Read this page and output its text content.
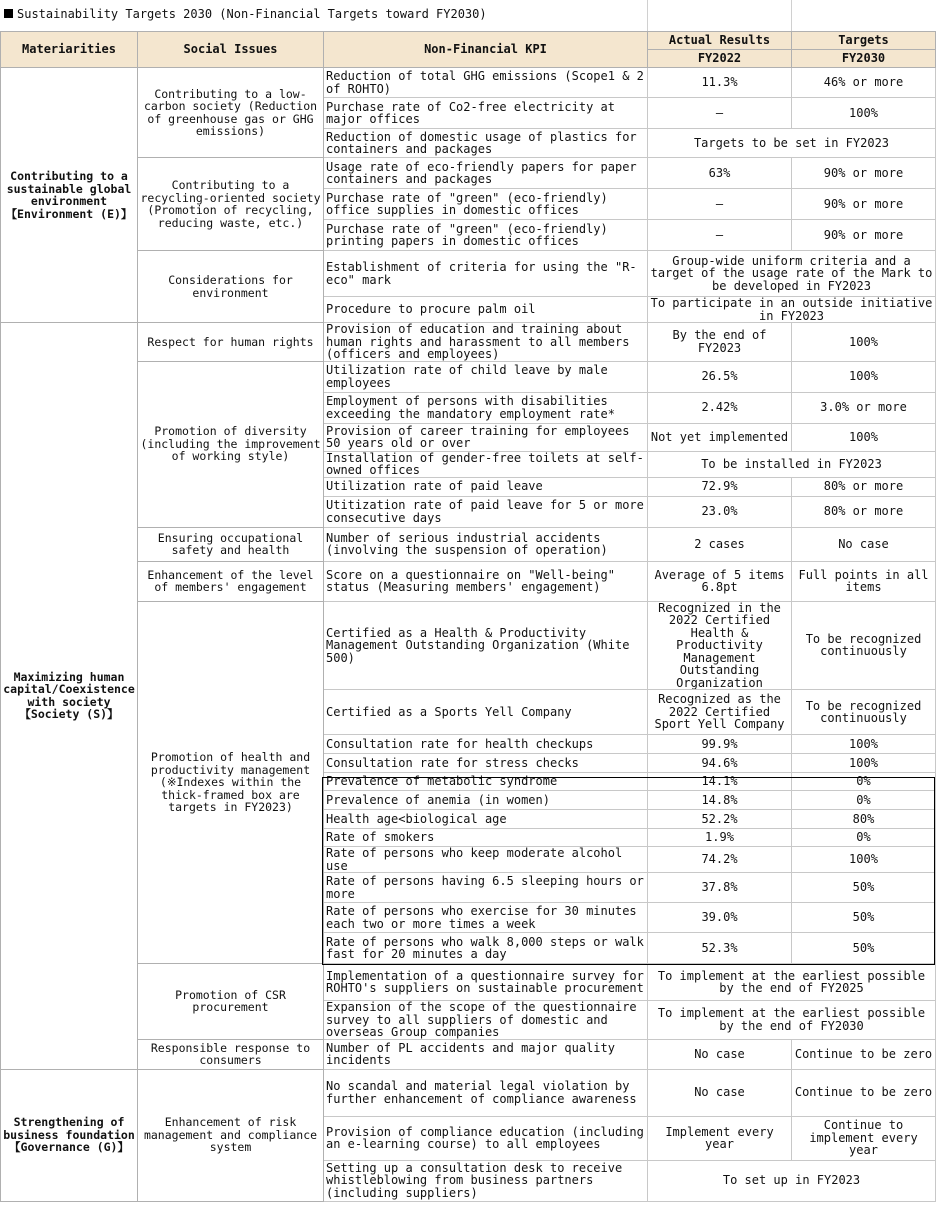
Sustainability Targets 2030 (Non-Financial Targets toward FY2030)
Materiarities	Social Issues	Non-Financial KPI	Actual Results	Targets
			FY2022	FY2030
Contributing to a sustainable global environment 【Environment (E)】	Contributing to a low-carbon society (Reduction of greenhouse gas or GHG emissions)	Reduction of total GHG emissions (Scope1 & 2 of ROHTO)	11.3%	46% or more
		Purchase rate of Co2-free electricity at major offices	—	100%
		Reduction of domestic usage of plastics for containers and packages	Targets to be set in FY2023	
	Contributing to a recycling-oriented society (Promotion of recycling, reducing waste, etc.)	Usage rate of eco-friendly papers for paper containers and packages	63%	90% or more
		Purchase rate of "green" (eco-friendly) office supplies in domestic offices	—	90% or more
		Purchase rate of "green" (eco-friendly) printing papers in domestic offices	—	90% or more
	Considerations for environment	Establishment of criteria for using the "R-eco" mark	Group-wide uniform criteria and a target of the usage rate of the Mark to be developed in FY2023	
		Procedure to procure palm oil	To participate in an outside initiative in FY2023	
Maximizing human capital/Coexistence with society 【Society (S)】	Respect for human rights	Provision of education and training about human rights and harassment to all members (officers and employees)	By the end of FY2023	100%
	Promotion of diversity (including the improvement of working style)	Utilization rate of child leave by male employees	26.5%	100%
		Employment of persons with disabilities exceeding the mandatory employment rate*	2.42%	3.0% or more
		Provision of career training for employees 50 years old or over	Not yet implemented	100%
		Installation of gender-free toilets at self-owned offices	To be installed in FY2023	
		Utilization rate of paid leave	72.9%	80% or more
		Utitization rate of paid leave for 5 or more consecutive days	23.0%	80% or more
	Ensuring occupational safety and health	Number of serious industrial accidents (involving the suspension of operation)	2 cases	No case
	Enhancement of the level of members' engagement	Score on a questionnaire on "Well-being" status (Measuring members' engagement)	Average of 5 items 6.8pt	Full points in all items
	Promotion of health and productivity management (※Indexes within the thick-framed box are targets in FY2023)	Certified as a Health & Productivity Management Outstanding Organization (White 500)	Recognized in the 2022 Certified Health & Productivity Management Outstanding Organization	To be recognized continuously
		Certified as a Sports Yell Company	Recognized as the 2022 Certified Sport Yell Company	To be recognized continuously
		Consultation rate for health checkups	99.9%	100%
		Consultation rate for stress checks	94.6%	100%
		Prevalence of metabolic syndrome	14.1%	0%
		Prevalence of anemia (in women)	14.8%	0%
		Health age<biological age	52.2%	80%
		Rate of smokers	1.9%	0%
		Rate of persons who keep moderate alcohol use	74.2%	100%
		Rate of persons having 6.5 sleeping hours or more	37.8%	50%
		Rate of persons who exercise for 30 minutes each two or more times a week	39.0%	50%
		Rate of persons who walk 8,000 steps or walk fast for 20 minutes a day	52.3%	50%
	Promotion of CSR procurement	Implementation of a questionnaire survey for ROHTO's suppliers on sustainable procurement	To implement at the earliest possible by the end of FY2025	
		Expansion of the scope of the questionnaire survey to all suppliers of domestic and overseas Group companies	To implement at the earliest possible by the end of FY2030	
	Responsible response to consumers	Number of PL accidents and major quality incidents	No case	Continue to be zero
Strengthening of business foundation 【Governance (G)】	Enhancement of risk management and compliance system	No scandal and material legal violation by further enhancement of compliance awareness	No case	Continue to be zero
		Provision of compliance education (including an e-learning course) to all employees	Implement every year	Continue to implement every year
		Setting up a consultation desk to receive whistleblowing from business partners (including suppliers)	To set up in FY2023	
